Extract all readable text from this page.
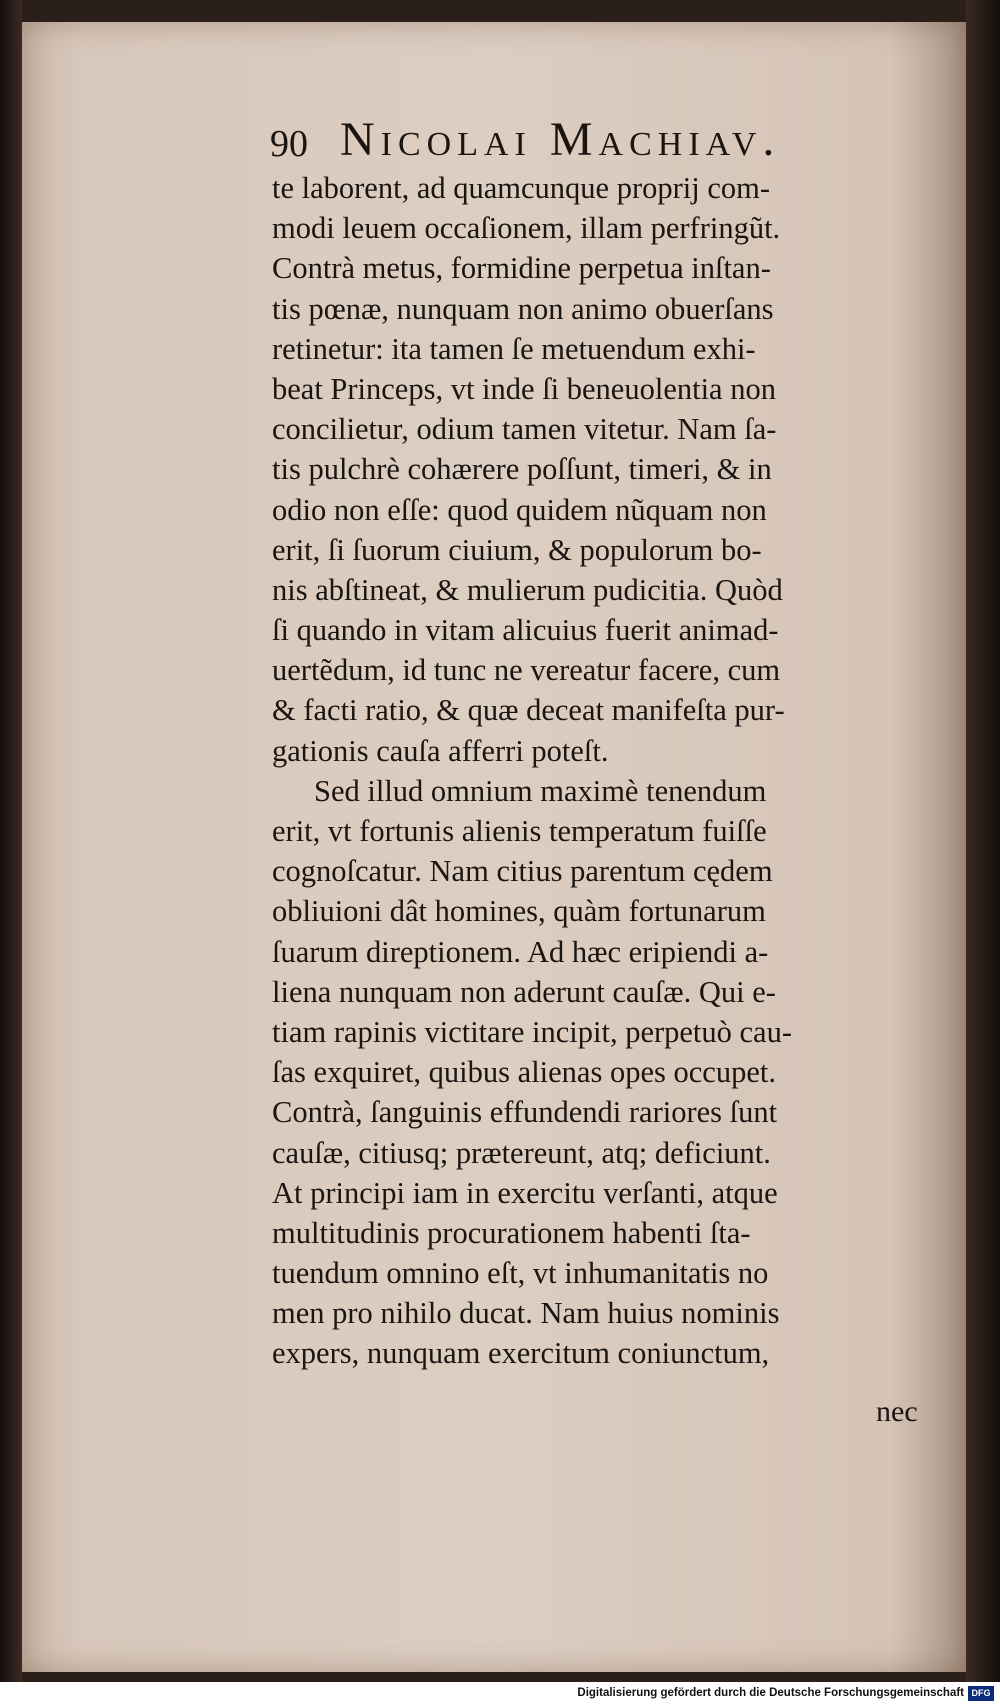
90 Nicolai Machiav.
te laborent, ad quamcunque proprij com-
modi leuem occaſionem, illam perfringũt.
Contrà metus, formidine perpetua inſtan-
tis pœnæ, nunquam non animo obuerſans
retinetur: ita tamen ſe metuendum exhi-
beat Princeps, vt inde ſi beneuolentia non
concilietur, odium tamen vitetur. Nam ſa-
tis pulchrè cohærere poſſunt, timeri, & in
odio non eſſe: quod quidem nũquam non
erit, ſi ſuorum ciuium, & populorum bo-
nis abſtineat, & mulierum pudicitia. Quòd
ſi quando in vitam alicuius fuerit animad-
uertẽdum, id tunc ne vereatur facere, cum
& facti ratio, & quæ deceat manifeſta pur-
gationis cauſa afferri poteſt.
Sed illud omnium maximè tenendum
erit, vt fortunis alienis temperatum fuiſſe
cognoſcatur. Nam citius parentum cędem
obliuioni dât homines, quàm fortunarum
ſuarum direptionem. Ad hæc eripiendi a-
liena nunquam non aderunt cauſæ. Qui e-
tiam rapinis victitare incipit, perpetuò cau-
ſas exquiret, quibus alienas opes occupet.
Contrà, ſanguinis effundendi rariores ſunt
cauſæ, citiusq; prætereunt, atq; deficiunt.
At principi iam in exercitu verſanti, atque
multitudinis procurationem habenti ſta-
tuendum omnino eſt, vt inhumanitatis no
men pro nihilo ducat. Nam huius nominis
expers, nunquam exercitum coniunctum,
nec
Digitalisierung gefördert durch die Deutsche Forschungsgemeinschaft DFG
